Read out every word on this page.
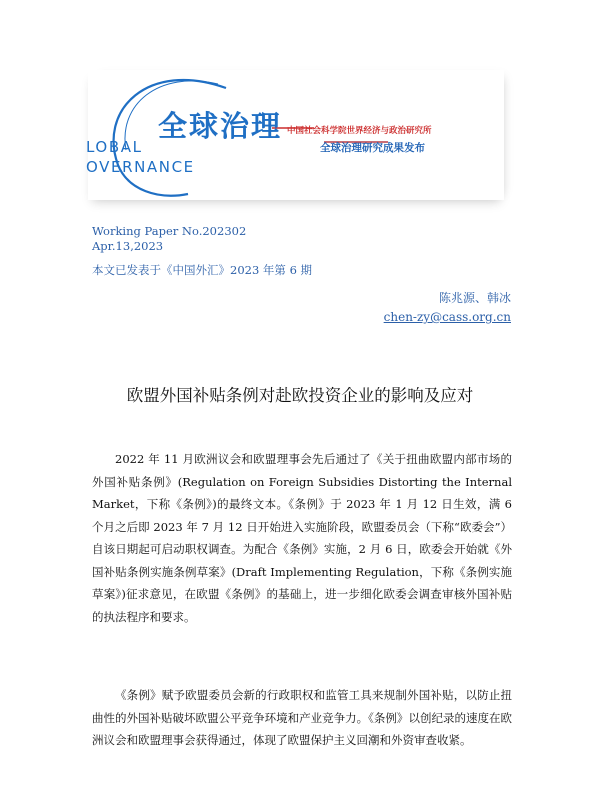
全球治理
LOBAL
OVERNANCE
中国社会科学院世界经济与政治研究所
全球治理研究成果发布
Working Paper No.202302
Apr.13,2023
本文已发表于《中国外汇》2023 年第 6 期
陈兆源、韩冰
chen-zy@cass.org.cn
欧盟外国补贴条例对赴欧投资企业的影响及应对

2022 年 11 月欧洲议会和欧盟理事会先后通过了《关于扭曲欧盟内部市场的外国补贴条例》(Regulation on Foreign Subsidies Distorting the Internal Market，下称《条例》)的最终文本。《条例》于 2023 年 1 月 12 日生效，满 6 个月之后即 2023 年 7 月 12 日开始进入实施阶段，欧盟委员会（下称“欧委会”）自该日期起可启动职权调查。为配合《条例》实施，2 月 6 日，欧委会开始就《外国补贴条例实施条例草案》(Draft Implementing Regulation，下称《条例实施草案》)征求意见，在欧盟《条例》的基础上，进一步细化欧委会调查审核外国补贴的执法程序和要求。

《条例》赋予欧盟委员会新的行政职权和监管工具来规制外国补贴，以防止扭曲性的外国补贴破坏欧盟公平竞争环境和产业竞争力。《条例》以创纪录的速度在欧洲议会和欧盟理事会获得通过，体现了欧盟保护主义回潮和外资审查收紧。
